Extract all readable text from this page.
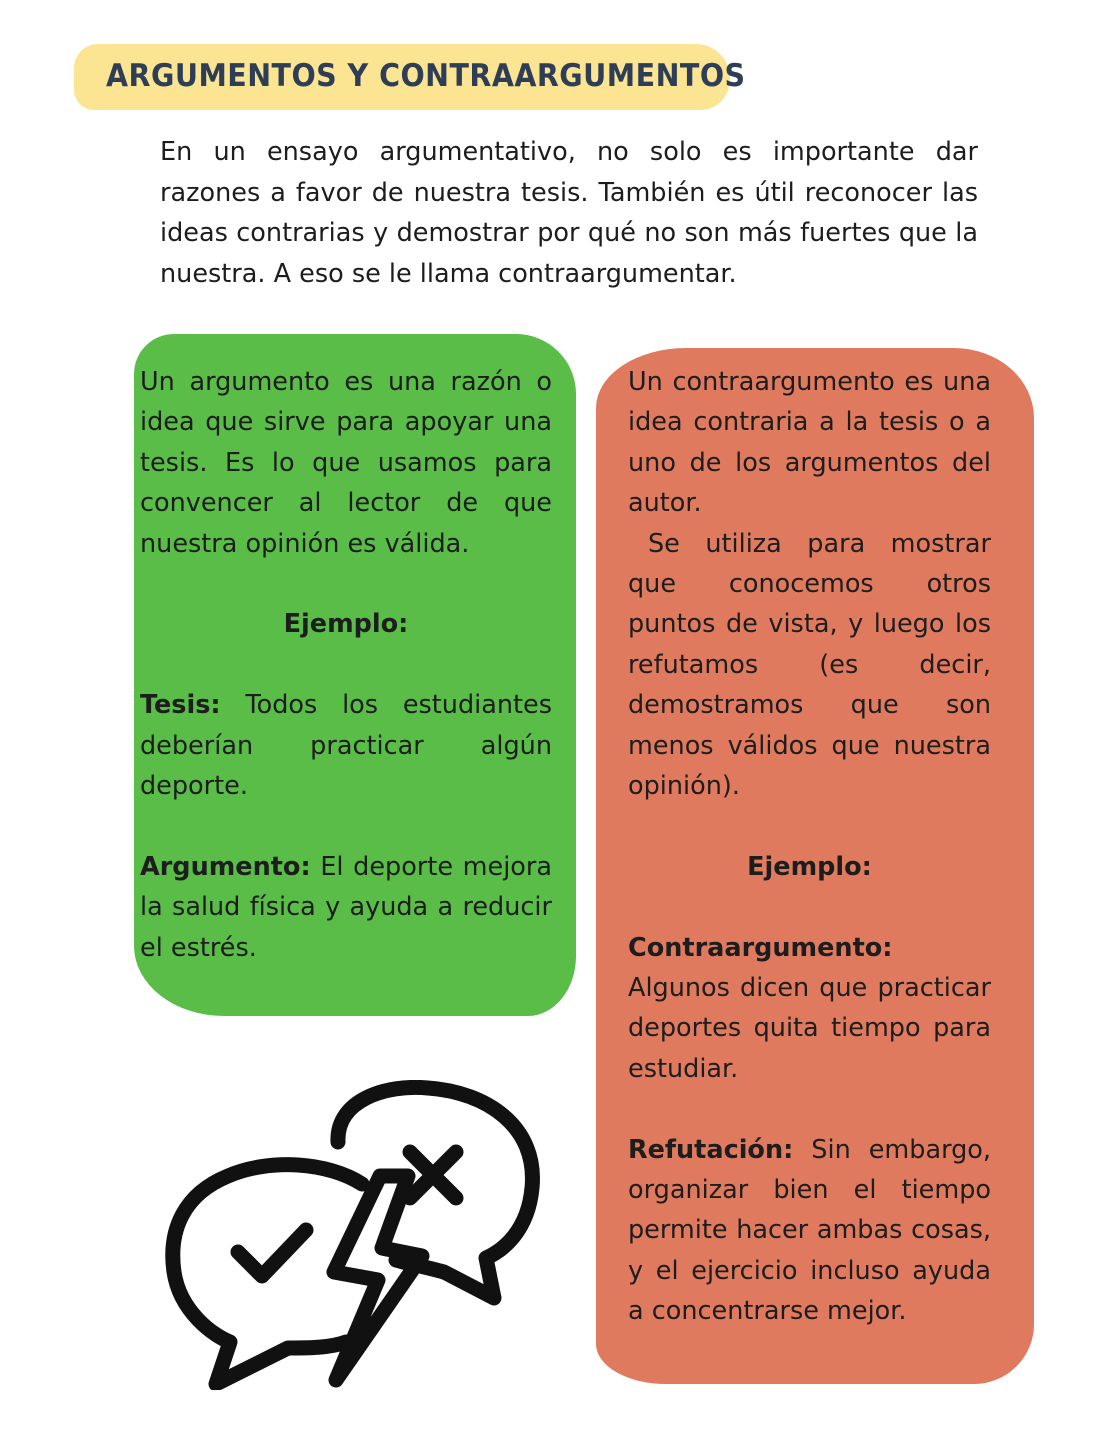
ARGUMENTOS Y CONTRAARGUMENTOS

En un ensayo argumentativo, no solo es importante dar razones a favor de nuestra tesis. También es útil reconocer las ideas contrarias y demostrar por qué no son más fuertes que la nuestra. A eso se le llama contraargumentar.

Un argumento es una razón o idea que sirve para apoyar una tesis. Es lo que usamos para convencer al lector de que nuestra opinión es válida.

Ejemplo:

Tesis: Todos los estudiantes deberían practicar algún deporte.

Argumento: El deporte mejora la salud física y ayuda a reducir el estrés.

Un contraargumento es una idea contraria a la tesis o a uno de los argumentos del autor.

Se utiliza para mostrar que conocemos otros puntos de vista, y luego los refutamos (es decir, demostramos que son menos válidos que nuestra opinión).

Ejemplo:

Contraargumento:

Algunos dicen que practicar deportes quita tiempo para estudiar.

Refutación: Sin embargo, organizar bien el tiempo permite hacer ambas cosas, y el ejercicio incluso ayuda a concentrarse mejor.
